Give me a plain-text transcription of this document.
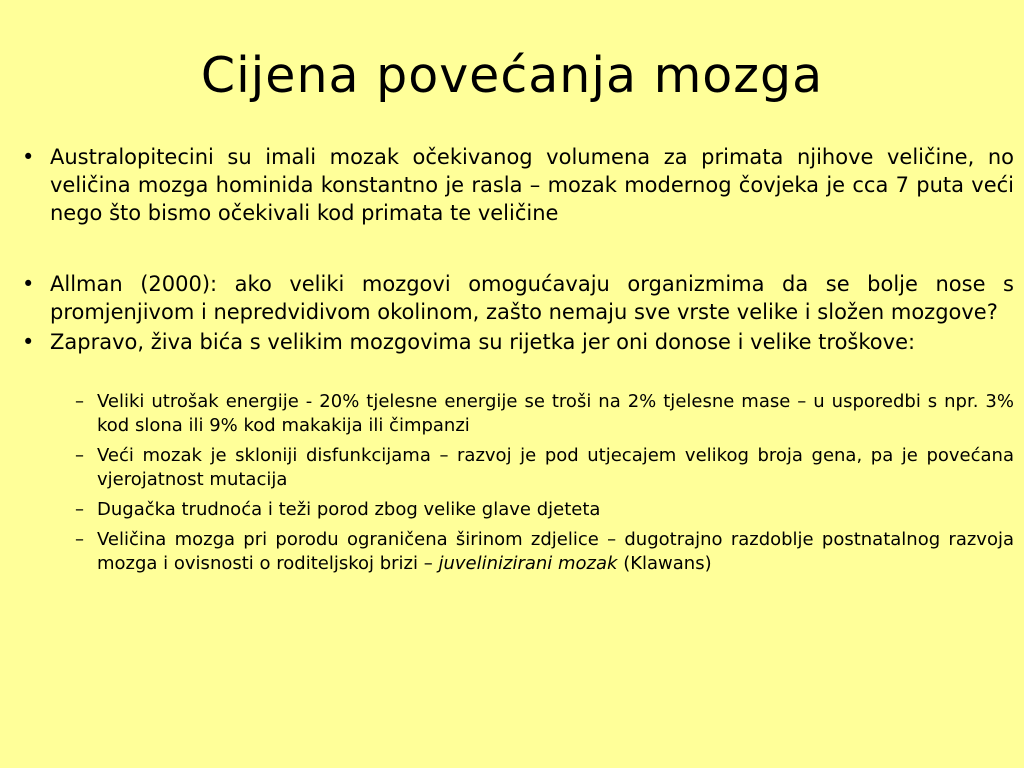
Cijena povećanja mozga
• Australopitecini su imali mozak očekivanog volumena za primata njihove veličine, no veličina mozga hominida konstantno je rasla – mozak modernog čovjeka je cca 7 puta veći nego što bismo očekivali kod primata te veličine
• Allman (2000): ako veliki mozgovi omogućavaju organizmima da se bolje nose s promjenjivom i nepredvidivom okolinom, zašto nemaju sve vrste velike i složen mozgove?
• Zapravo, živa bića s velikim mozgovima su rijetka jer oni donose i velike troškove:
– Veliki utrošak energije - 20% tjelesne energije se troši na 2% tjelesne mase – u usporedbi s npr. 3% kod slona ili 9% kod makakija ili čimpanzi
– Veći mozak je skloniji disfunkcijama – razvoj je pod utjecajem velikog broja gena, pa je povećana vjerojatnost mutacija
– Dugačka trudnoća i teži porod zbog velike glave djeteta
– Veličina mozga pri porodu ograničena širinom zdjelice – dugotrajno razdoblje postnatalnog razvoja mozga i ovisnosti o roditeljskoj brizi – juvelinizirani mozak (Klawans)
